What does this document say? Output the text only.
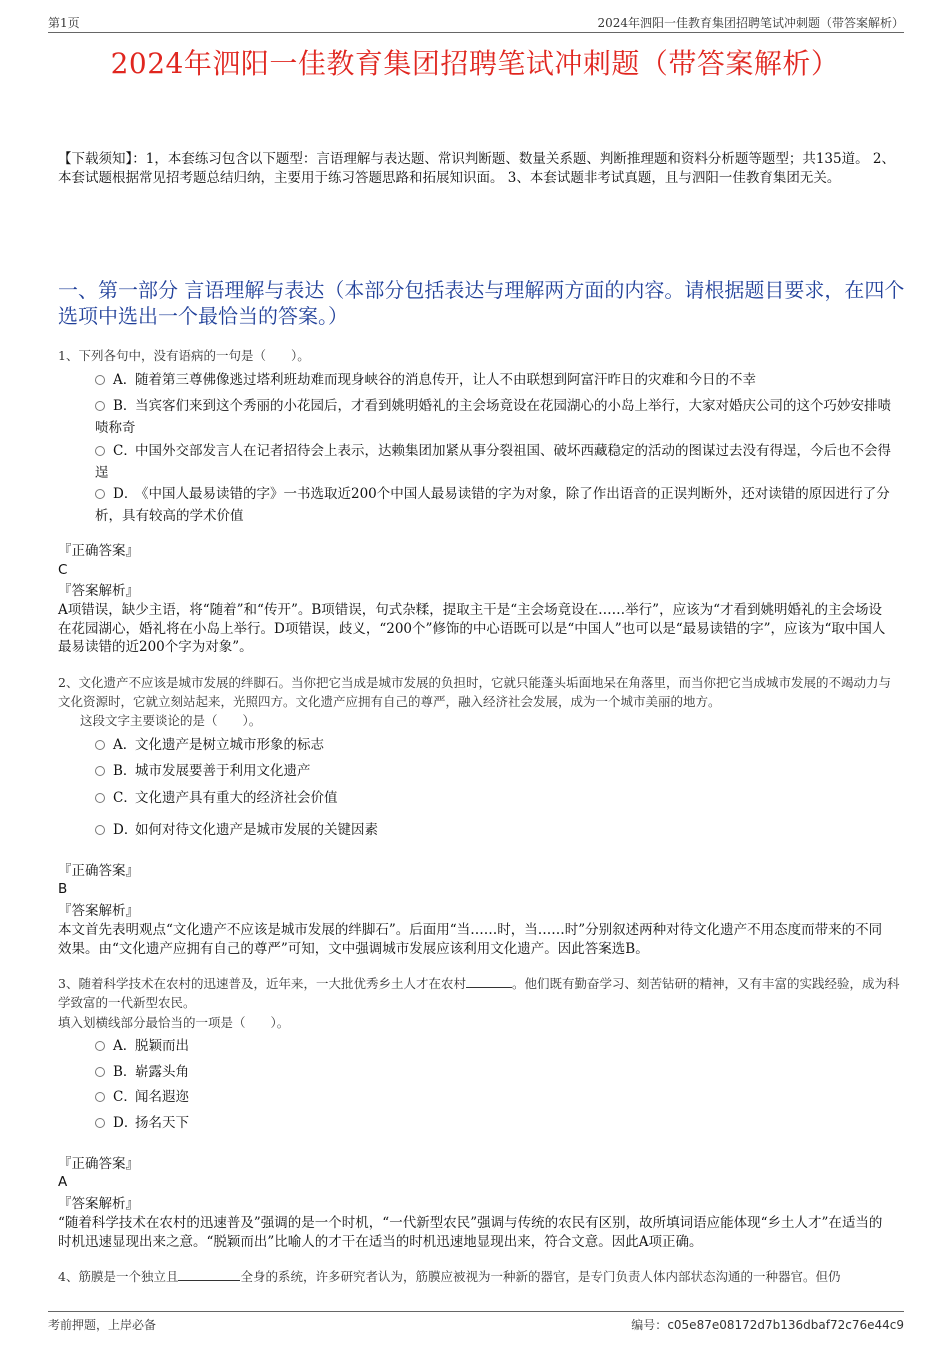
第1页	2024年泗阳一佳教育集团招聘笔试冲刺题（带答案解析）
2024年泗阳一佳教育集团招聘笔试冲刺题（带答案解析）
【下载须知】：1，本套练习包含以下题型：言语理解与表达题、常识判断题、数量关系题、判断推理题和资料分析题等题型；共135道。 2、本套试题根据常见招考题总结归纳，主要用于练习答题思路和拓展知识面。 3、本套试题非考试真题，且与泗阳一佳教育集团无关。
一、第一部分 言语理解与表达（本部分包括表达与理解两方面的内容。请根据题目要求，在四个选项中选出一个最恰当的答案。）
1、下列各句中，没有语病的一句是（　　）。
A．随着第三尊佛像逃过塔利班劫难而现身峡谷的消息传开，让人不由联想到阿富汗昨日的灾难和今日的不幸
B．当宾客们来到这个秀丽的小花园后，才看到姚明婚礼的主会场竟设在花园湖心的小岛上举行，大家对婚庆公司的这个巧妙安排啧啧称奇
C．中国外交部发言人在记者招待会上表示，达赖集团加紧从事分裂祖国、破坏西藏稳定的活动的图谋过去没有得逞，今后也不会得逞
D．《中国人最易读错的字》一书选取近200个中国人最易读错的字为对象，除了作出语音的正误判断外，还对读错的原因进行了分析，具有较高的学术价值
『正确答案』
C
『答案解析』
A项错误，缺少主语，将“随着”和“传开”。B项错误，句式杂糅，提取主干是“主会场竟设在……举行”，应该为“才看到姚明婚礼的主会场设在花园湖心，婚礼将在小岛上举行。D项错误，歧义，“200个”修饰的中心语既可以是“中国人”也可以是“最易读错的字”，应该为“取中国人最易读错的近200个字为对象”。
2、文化遗产不应该是城市发展的绊脚石。当你把它当成是城市发展的负担时，它就只能蓬头垢面地呆在角落里，而当你把它当成城市发展的不竭动力与文化资源时，它就立刻站起来，光照四方。文化遗产应拥有自己的尊严，融入经济社会发展，成为一个城市美丽的地方。
这段文字主要谈论的是（　　）。
A．文化遗产是树立城市形象的标志
B．城市发展要善于利用文化遗产
C．文化遗产具有重大的经济社会价值
D．如何对待文化遗产是城市发展的关键因素
『正确答案』
B
『答案解析』
本文首先表明观点“文化遗产不应该是城市发展的绊脚石”。后面用“当……时，当……时”分别叙述两种对待文化遗产不用态度而带来的不同效果。由“文化遗产应拥有自己的尊严”可知，文中强调城市发展应该利用文化遗产。因此答案选B。
3、随着科学技术在农村的迅速普及，近年来，一大批优秀乡土人才在农村	。他们既有勤奋学习、刻苦钻研的精神，又有丰富的实践经验，成为科学致富的一代新型农民。
填入划横线部分最恰当的一项是（　　）。
A．脱颖而出
B．崭露头角
C．闻名遐迩
D．扬名天下
『正确答案』
A
『答案解析』
“随着科学技术在农村的迅速普及”强调的是一个时机，“一代新型农民”强调与传统的农民有区别，故所填词语应能体现“乡土人才”在适当的时机迅速显现出来之意。“脱颖而出”比喻人的才干在适当的时机迅速地显现出来，符合文意。因此A项正确。
4、筋膜是一个独立且	全身的系统，许多研究者认为，筋膜应被视为一种新的器官，是专门负责人体内部状态沟通的一种器官。但仍
考前押题，上岸必备	编号：c05e87e08172d7b136dbaf72c76e44c9
